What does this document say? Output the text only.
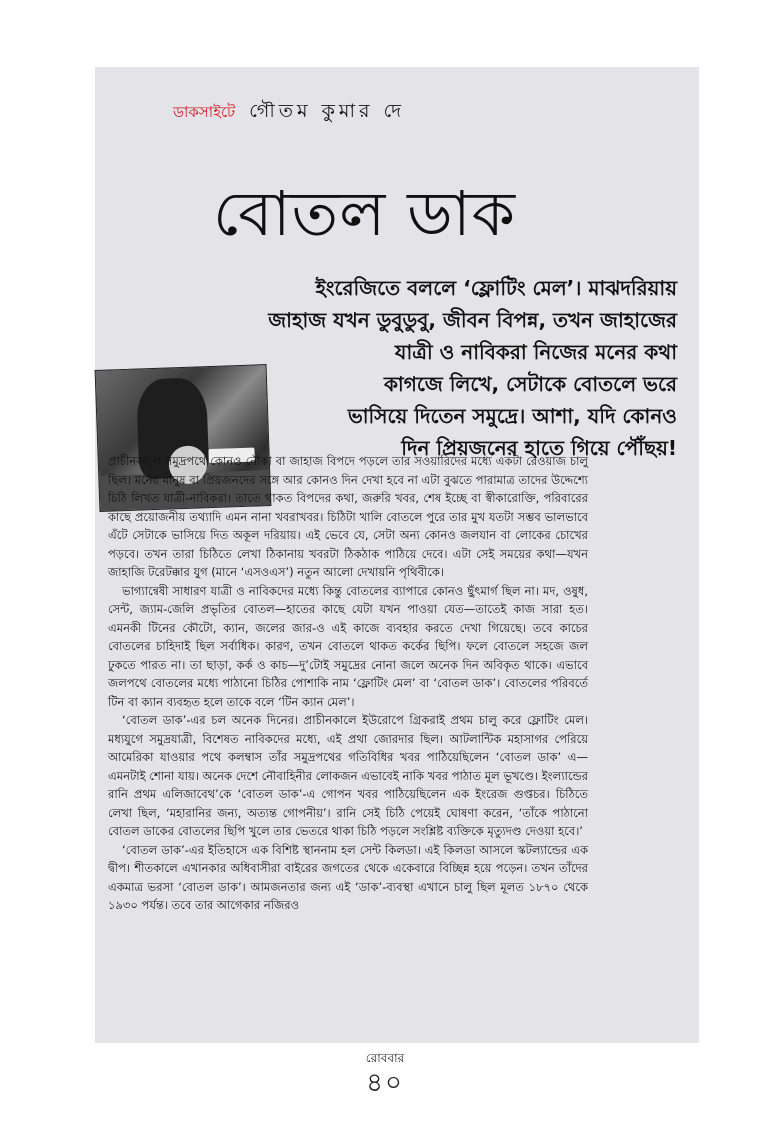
ডাকসাইটে গৌতম কুমার দে
বোতল ডাক
ইংরেজিতে বললে ‘ফ্লোটিং মেল’। মাঝদরিয়ায়
জাহাজ যখন ডুবুডুবু, জীবন বিপন্ন, তখন জাহাজের
যাত্রী ও নাবিকরা নিজের মনের কথা
কাগজে লিখে, সেটাকে বোতলে ভরে
ভাসিয়ে দিতেন সমুদ্রে। আশা, যদি কোনও
দিন প্রিয়জনের হাতে গিয়ে পৌঁছয়!

প্রাচীনকালে সমুদ্রপথে কোনও নৌকা বা জাহাজ বিপদে পড়লে তার সওয়ারিদের মধ্যে একটা রেওয়াজ চালু ছিল। মনের মানুষ বা প্রিয়জনদের সঙ্গে আর কোনও দিন দেখা হবে না এটা বুঝতে পারামাত্র তাদের উদ্দেশ্যে চিঠি লিখত যাত্রী-নাবিকরা। তাতে থাকত বিপদের কথা, জরুরি খবর, শেষ ইচ্ছে বা স্বীকারোক্তি, পরিবারের কাছে প্রয়োজনীয় তথ্যাদি এমন নানা খবরাখবর। চিঠিটা খালি বোতলে পুরে তার মুখ যতটা সম্ভব ভালভাবে এঁটে সেটাকে ভাসিয়ে দিত অকূল দরিয়ায়। এই ভেবে যে, সেটা অন্য কোনও জলযান বা লোকের চোখের পড়বে। তখন তারা চিঠিতে লেখা ঠিকানায় খবরটা ঠিকঠাক পাঠিয়ে দেবে। এটা সেই সময়ের কথা—যখন জাহাজি টরেটক্কার যুগ (মানে ‘এসওএস’) নতুন আলো দেখায়নি পৃথিবীকে।

ভাগ্যান্বেষী সাধারণ যাত্রী ও নাবিকদের মধ্যে কিন্তু বোতলের ব্যাপারে কোনও ছুঁৎমার্গ ছিল না। মদ, ওষুধ, সেন্ট, জ্যাম-জেলি প্রভৃতির বোতল—হাতের কাছে যেটা যখন পাওয়া যেত—তাতেই কাজ সারা হত। এমনকী টিনের কৌটো, ক্যান, জলের জার-ও এই কাজে ব্যবহার করতে দেখা গিয়েছে। তবে কাচের বোতলের চাহিদাই ছিল সর্বাধিক। কারণ, তখন বোতলে থাকত কর্কের ছিপি। ফলে বোতলে সহজে জল ঢুকতে পারত না। তা ছাড়া, কর্ক ও কাচ—দু’টোই সমুদ্রের নোনা জলে অনেক দিন অবিকৃত থাকে। এভাবে জলপথে বোতলের মধ্যে পাঠানো চিঠির পোশাকি নাম ‘ফ্লোটিং মেল’ বা ‘বোতল ডাক’। বোতলের পরিবর্তে টিন বা ক্যান ব্যবহৃত হলে তাকে বলে ‘টিন ক্যান মেল’।

‘বোতল ডাক’-এর চল অনেক দিনের। প্রাচীনকালে ইউরোপে গ্রিকরাই প্রথম চালু করে ফ্লোটিং মেল। মধ্যযুগে সমুদ্রযাত্রী, বিশেষত নাবিকদের মধ্যে, এই প্রথা জোরদার ছিল। আটলান্টিক মহাসাগর পেরিয়ে আমেরিকা যাওয়ার পথে কলম্বাস তাঁর সমুদ্রপথের গতিবিধির খবর পাঠিয়েছিলেন ‘বোতল ডাক’ এ—এমনটাই শোনা যায়। অনেক দেশে নৌবাহিনীর লোকজন এভাবেই নাকি খবর পাঠাত মূল ভূখণ্ডে। ইংল্যান্ডের রানি প্রথম এলিজাবেথ’কে ‘বোতল ডাক’-এ গোপন খবর পাঠিয়েছিলেন এক ইংরেজ গুপ্তচর। চিঠিতে লেখা ছিল, ‘মহারানির জন্য, অত্যন্ত গোপনীয়’। রানি সেই চিঠি পেয়েই ঘোষণা করেন, ‘তাঁকে পাঠানো বোতল ডাকের বোতলের ছিপি খুলে তার ভেতরে থাকা চিঠি পড়লে সংশ্লিষ্ট ব্যক্তিকে মৃত্যুদণ্ড দেওয়া হবে।’

‘বোতল ডাক’-এর ইতিহাসে এক বিশিষ্ট স্থাননাম হল সেন্ট কিলডা। এই কিলডা আসলে স্কটল্যান্ডের এক দ্বীপ। শীতকালে এখানকার অধিবাসীরা বাইরের জগতের থেকে একেবারে বিচ্ছিন্ন হয়ে পড়েন। তখন তাঁদের একমাত্র ভরসা ‘বোতল ডাক’। আমজনতার জন্য এই ‘ডাক’-ব্যবস্থা এখানে চালু ছিল মূলত ১৮৭০ থেকে ১৯৩০ পর্যন্ত। তবে তার আগেকার নজিরও

রোববার
৪০
